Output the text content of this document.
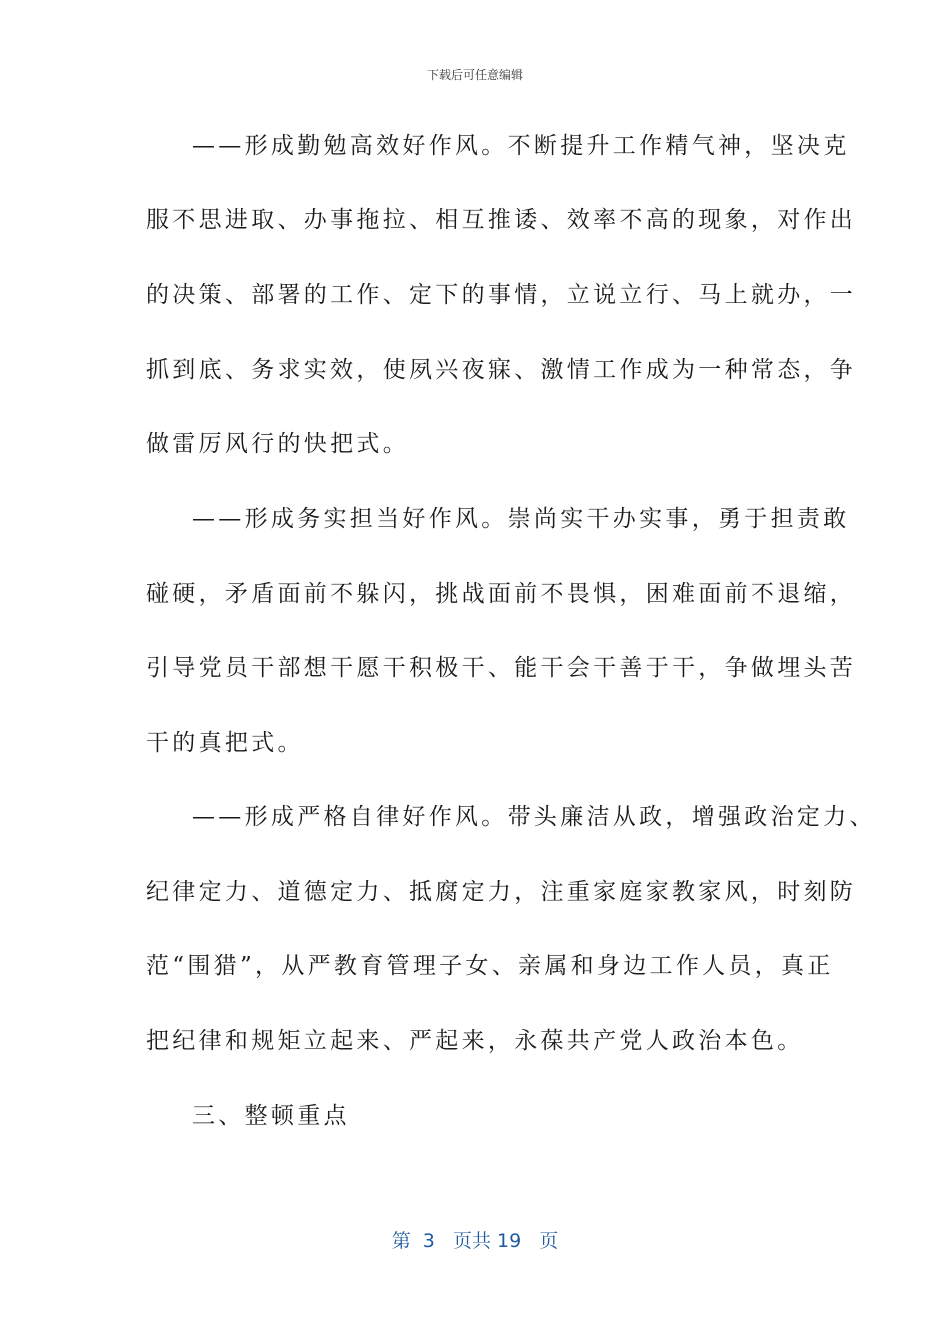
下载后可任意编辑
——形成勤勉高效好作风。不断提升工作精气神，坚决克
服不思进取、办事拖拉、相互推诿、效率不高的现象，对作出
的决策、部署的工作、定下的事情，立说立行、马上就办，一
抓到底、务求实效，使夙兴夜寐、激情工作成为一种常态，争
做雷厉风行的快把式。
——形成务实担当好作风。崇尚实干办实事，勇于担责敢
碰硬，矛盾面前不躲闪，挑战面前不畏惧，困难面前不退缩，
引导党员干部想干愿干积极干、能干会干善于干，争做埋头苦
干的真把式。
——形成严格自律好作风。带头廉洁从政，增强政治定力、
纪律定力、道德定力、抵腐定力，注重家庭家教家风，时刻防
范“围猎”，从严教育管理子女、亲属和身边工作人员，真正
把纪律和规矩立起来、严起来，永葆共产党人政治本色。
三、整顿重点
第  3   页共 19   页
